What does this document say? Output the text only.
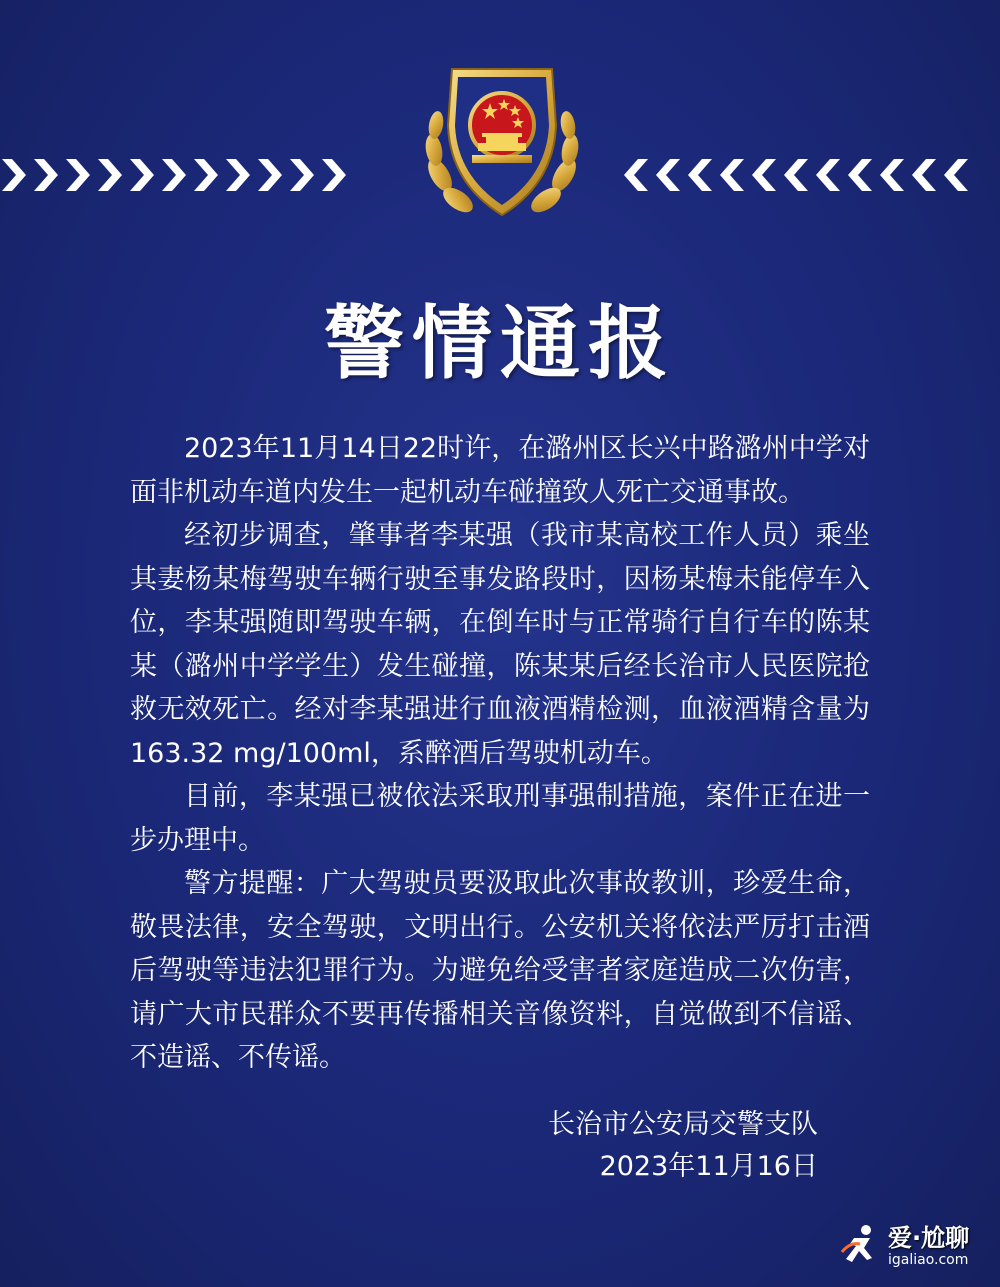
警情通报

2023年11月14日22时许，在潞州区长兴中路潞州中学对面非机动车道内发生一起机动车碰撞致人死亡交通事故。

经初步调查，肇事者李某强（我市某高校工作人员）乘坐其妻杨某梅驾驶车辆行驶至事发路段时，因杨某梅未能停车入位，李某强随即驾驶车辆，在倒车时与正常骑行自行车的陈某某（潞州中学学生）发生碰撞，陈某某后经长治市人民医院抢救无效死亡。经对李某强进行血液酒精检测，血液酒精含量为163.32 mg/100ml，系醉酒后驾驶机动车。

目前，李某强已被依法采取刑事强制措施，案件正在进一步办理中。

警方提醒：广大驾驶员要汲取此次事故教训，珍爱生命，敬畏法律，安全驾驶，文明出行。公安机关将依法严厉打击酒后驾驶等违法犯罪行为。为避免给受害者家庭造成二次伤害，请广大市民群众不要再传播相关音像资料，自觉做到不信谣、不造谣、不传谣。

长治市公安局交警支队
2023年11月16日
爱·尬聊
igaliao.com
